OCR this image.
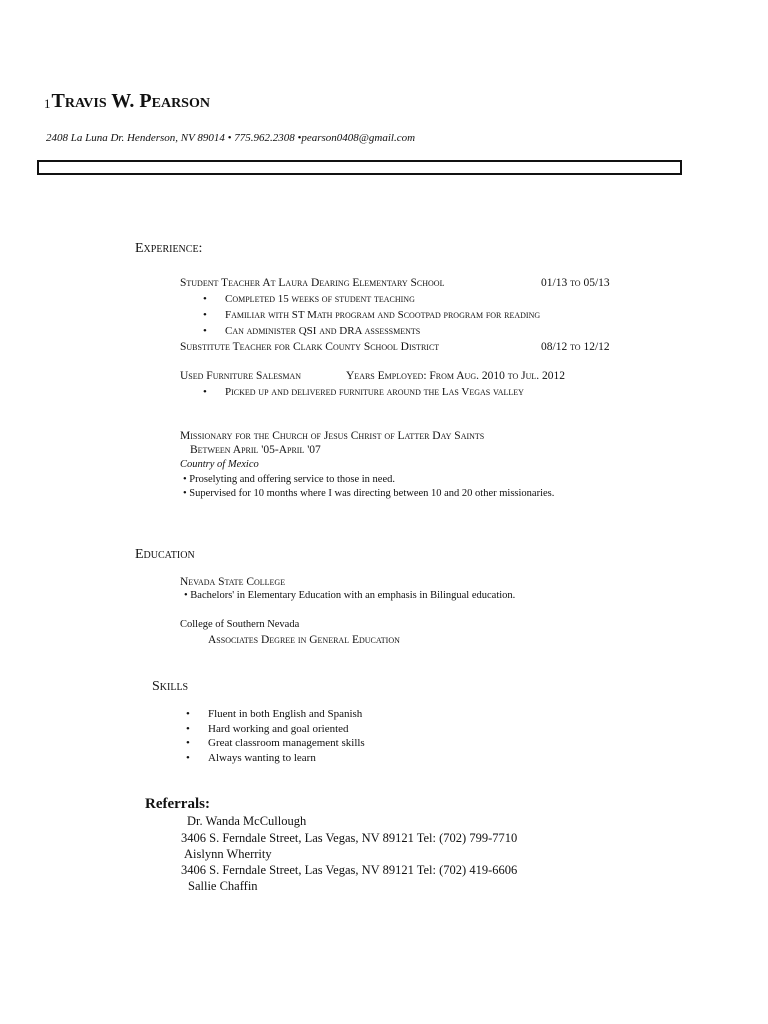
1Travis W. Pearson
2408 La Luna Dr. Henderson, NV 89014 • 775.962.2308 •pearson0408@gmail.com
Experience:
Student Teacher At Laura Dearing Elementary School	01/13 to 05/13
• Completed 15 weeks of student teaching
• Familiar with ST Math program and Scootpad program for reading
• Can administer QSI and DRA assessments
Substitute Teacher for Clark County School District	08/12 to 12/12
Used Furniture Salesman	Years Employed: From Aug. 2010 to Jul. 2012
• Picked up and delivered furniture around the Las Vegas valley
Missionary for the Church of Jesus Christ of Latter Day Saints
Between April '05-April '07
Country of Mexico
• Proselyting and offering service to those in need.
• Supervised for 10 months where I was directing between 10 and 20 other missionaries.
Education
Nevada State College
• Bachelors' in Elementary Education with an emphasis in Bilingual education.
College of Southern Nevada
Associates Degree in General Education
Skills
• Fluent in both English and Spanish
• Hard working and goal oriented
• Great classroom management skills
• Always wanting to learn
Referrals:
Dr. Wanda McCullough
3406 S. Ferndale Street, Las Vegas, NV 89121 Tel: (702) 799-7710
Aislynn Wherrity
3406 S. Ferndale Street, Las Vegas, NV 89121 Tel: (702) 419-6606
Sallie Chaffin
